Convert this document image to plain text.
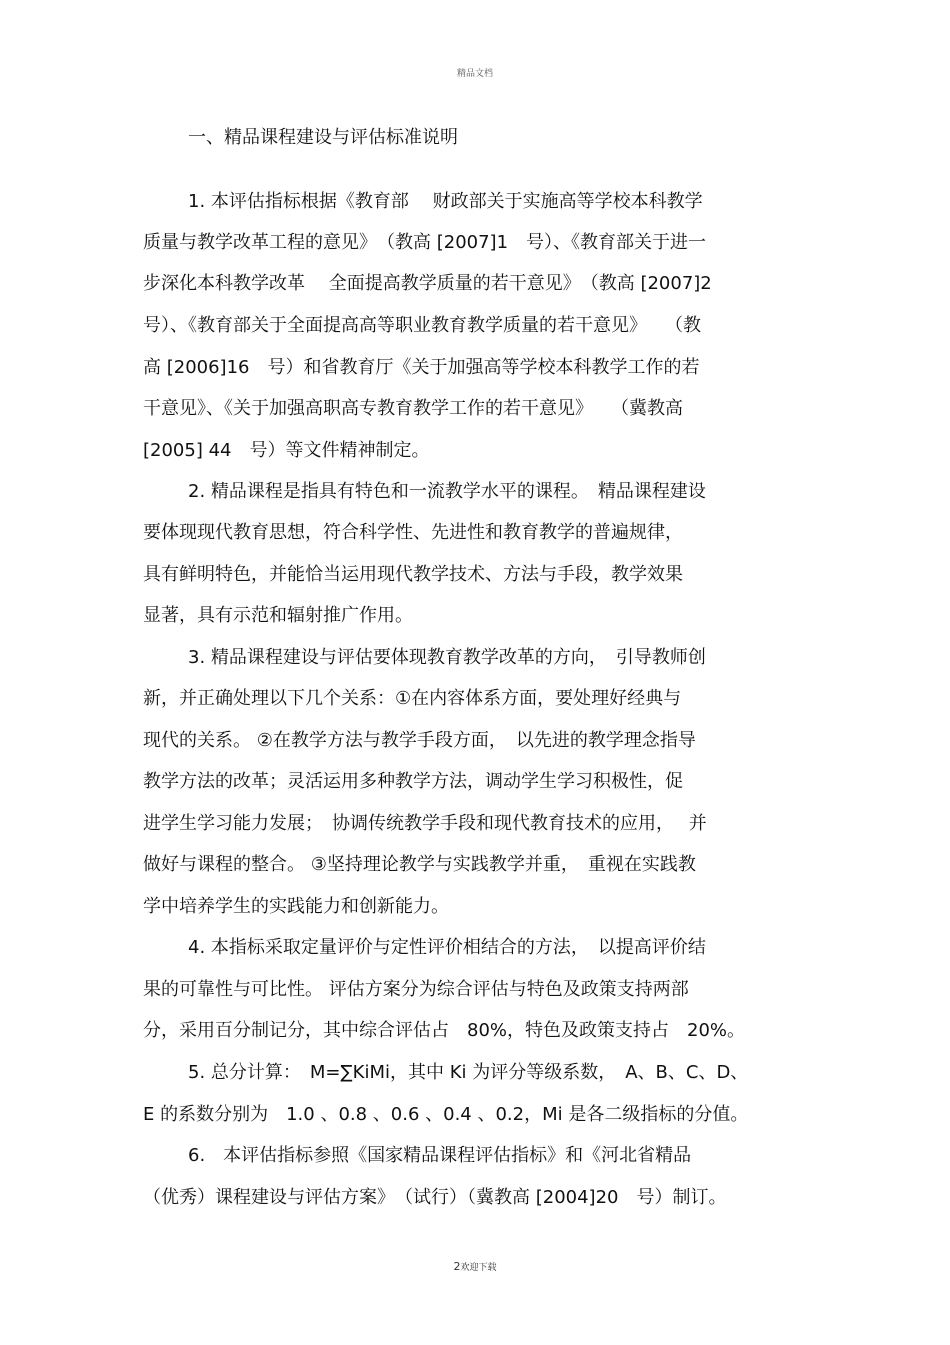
精品文档
一、精品课程建设与评估标准说明
1. 本评估指标根据《教育部　 财政部关于实施高等学校本科教学
质量与教学改革工程的意见》　（教高 [2007]1　号）、《教育部关于进一
步深化本科教学改革　 全面提高教学质量的若干意见》　（教高 [2007]2
号）、《教育部关于全面提高高等职业教育教学质量的若干意见》　　（教
高 [2006]16　号）和省教育厅《关于加强高等学校本科教学工作的若
干意见》、《关于加强高职高专教育教学工作的若干意见》　　（冀教高
[2005] 44　号）等文件精神制定。
2. 精品课程是指具有特色和一流教学水平的课程。　精品课程建设
要体现现代教育思想，符合科学性、先进性和教育教学的普遍规律，
具有鲜明特色，并能恰当运用现代教学技术、方法与手段，教学效果
显著，具有示范和辐射推广作用。
3. 精品课程建设与评估要体现教育教学改革的方向，　引导教师创
新，并正确处理以下几个关系：①在内容体系方面，要处理好经典与
现代的关系。 ②在教学方法与教学手段方面，　以先进的教学理念指导
教学方法的改革；灵活运用多种教学方法，调动学生学习积极性，促
进学生学习能力发展；　协调传统教学手段和现代教育技术的应用，　 并
做好与课程的整合。 ③坚持理论教学与实践教学并重，　重视在实践教
学中培养学生的实践能力和创新能力。
4. 本指标采取定量评价与定性评价相结合的方法，　以提高评价结
果的可靠性与可比性。 评估方案分为综合评估与特色及政策支持两部
分，采用百分制记分，其中综合评估占　80%，特色及政策支持占　20%。
5. 总分计算：　M=∑KiMi，其中 Ki 为评分等级系数，　A、B、C、D、
E 的系数分别为　1.0 、0.8 、0.6 、0.4 、0.2，Mi 是各二级指标的分值。
6.　本评估指标参照《国家精品课程评估指标》和《河北省精品
（优秀）课程建设与评估方案》　（试行）（冀教高 [2004]20　号）制订。
2欢迎下载
